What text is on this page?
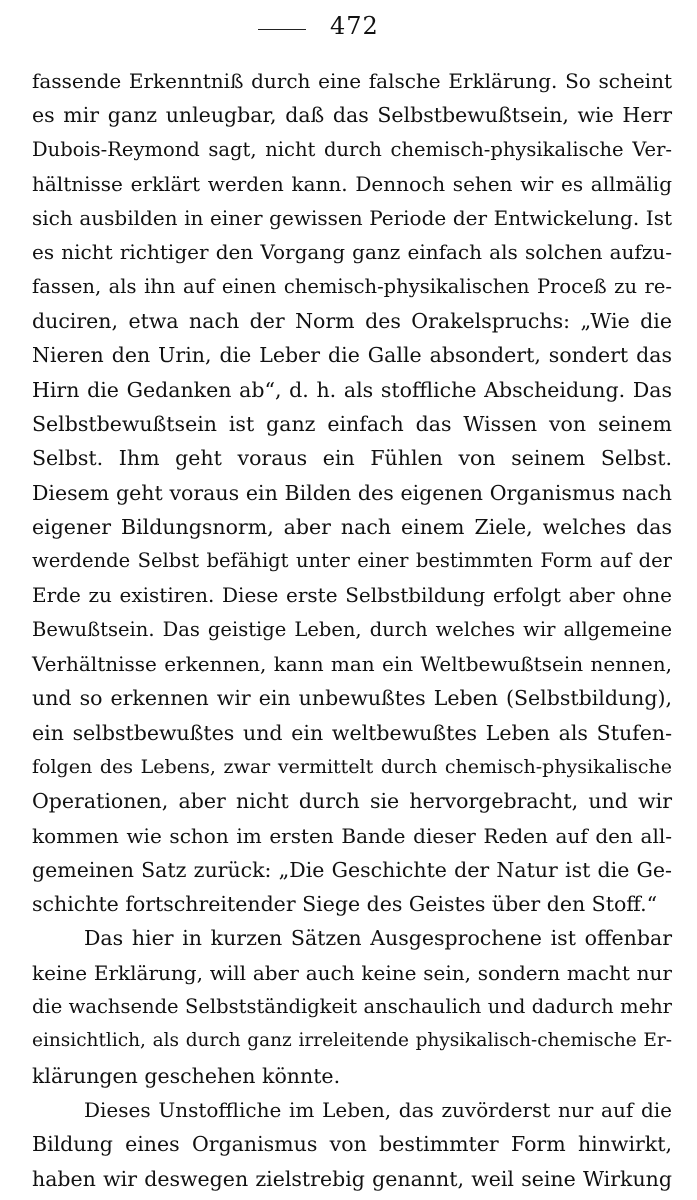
472
fassende Erkenntniß durch eine falsche Erklärung. So scheint
es mir ganz unleugbar, daß das Selbstbewußtsein, wie Herr
Dubois-Reymond sagt, nicht durch chemisch-physikalische Ver-
hältnisse erklärt werden kann. Dennoch sehen wir es allmälig
sich ausbilden in einer gewissen Periode der Entwickelung. Ist
es nicht richtiger den Vorgang ganz einfach als solchen aufzu-
fassen, als ihn auf einen chemisch-physikalischen Proceß zu re-
duciren, etwa nach der Norm des Orakelspruchs: „Wie die
Nieren den Urin, die Leber die Galle absondert, sondert das
Hirn die Gedanken ab“, d. h. als stoffliche Abscheidung. Das
Selbstbewußtsein ist ganz einfach das Wissen von seinem
Selbst. Ihm geht voraus ein Fühlen von seinem Selbst.
Diesem geht voraus ein Bilden des eigenen Organismus nach
eigener Bildungsnorm, aber nach einem Ziele, welches das
werdende Selbst befähigt unter einer bestimmten Form auf der
Erde zu existiren. Diese erste Selbstbildung erfolgt aber ohne
Bewußtsein. Das geistige Leben, durch welches wir allgemeine
Verhältnisse erkennen, kann man ein Weltbewußtsein nennen,
und so erkennen wir ein unbewußtes Leben (Selbstbildung),
ein selbstbewußtes und ein weltbewußtes Leben als Stufen-
folgen des Lebens, zwar vermittelt durch chemisch-physikalische
Operationen, aber nicht durch sie hervorgebracht, und wir
kommen wie schon im ersten Bande dieser Reden auf den all-
gemeinen Satz zurück: „Die Geschichte der Natur ist die Ge-
schichte fortschreitender Siege des Geistes über den Stoff.“
Das hier in kurzen Sätzen Ausgesprochene ist offenbar
keine Erklärung, will aber auch keine sein, sondern macht nur
die wachsende Selbstständigkeit anschaulich und dadurch mehr
einsichtlich, als durch ganz irreleitende physikalisch-chemische Er-
klärungen geschehen könnte.
Dieses Unstoffliche im Leben, das zuvörderst nur auf die
Bildung eines Organismus von bestimmter Form hinwirkt,
haben wir deswegen zielstrebig genannt, weil seine Wirkung
